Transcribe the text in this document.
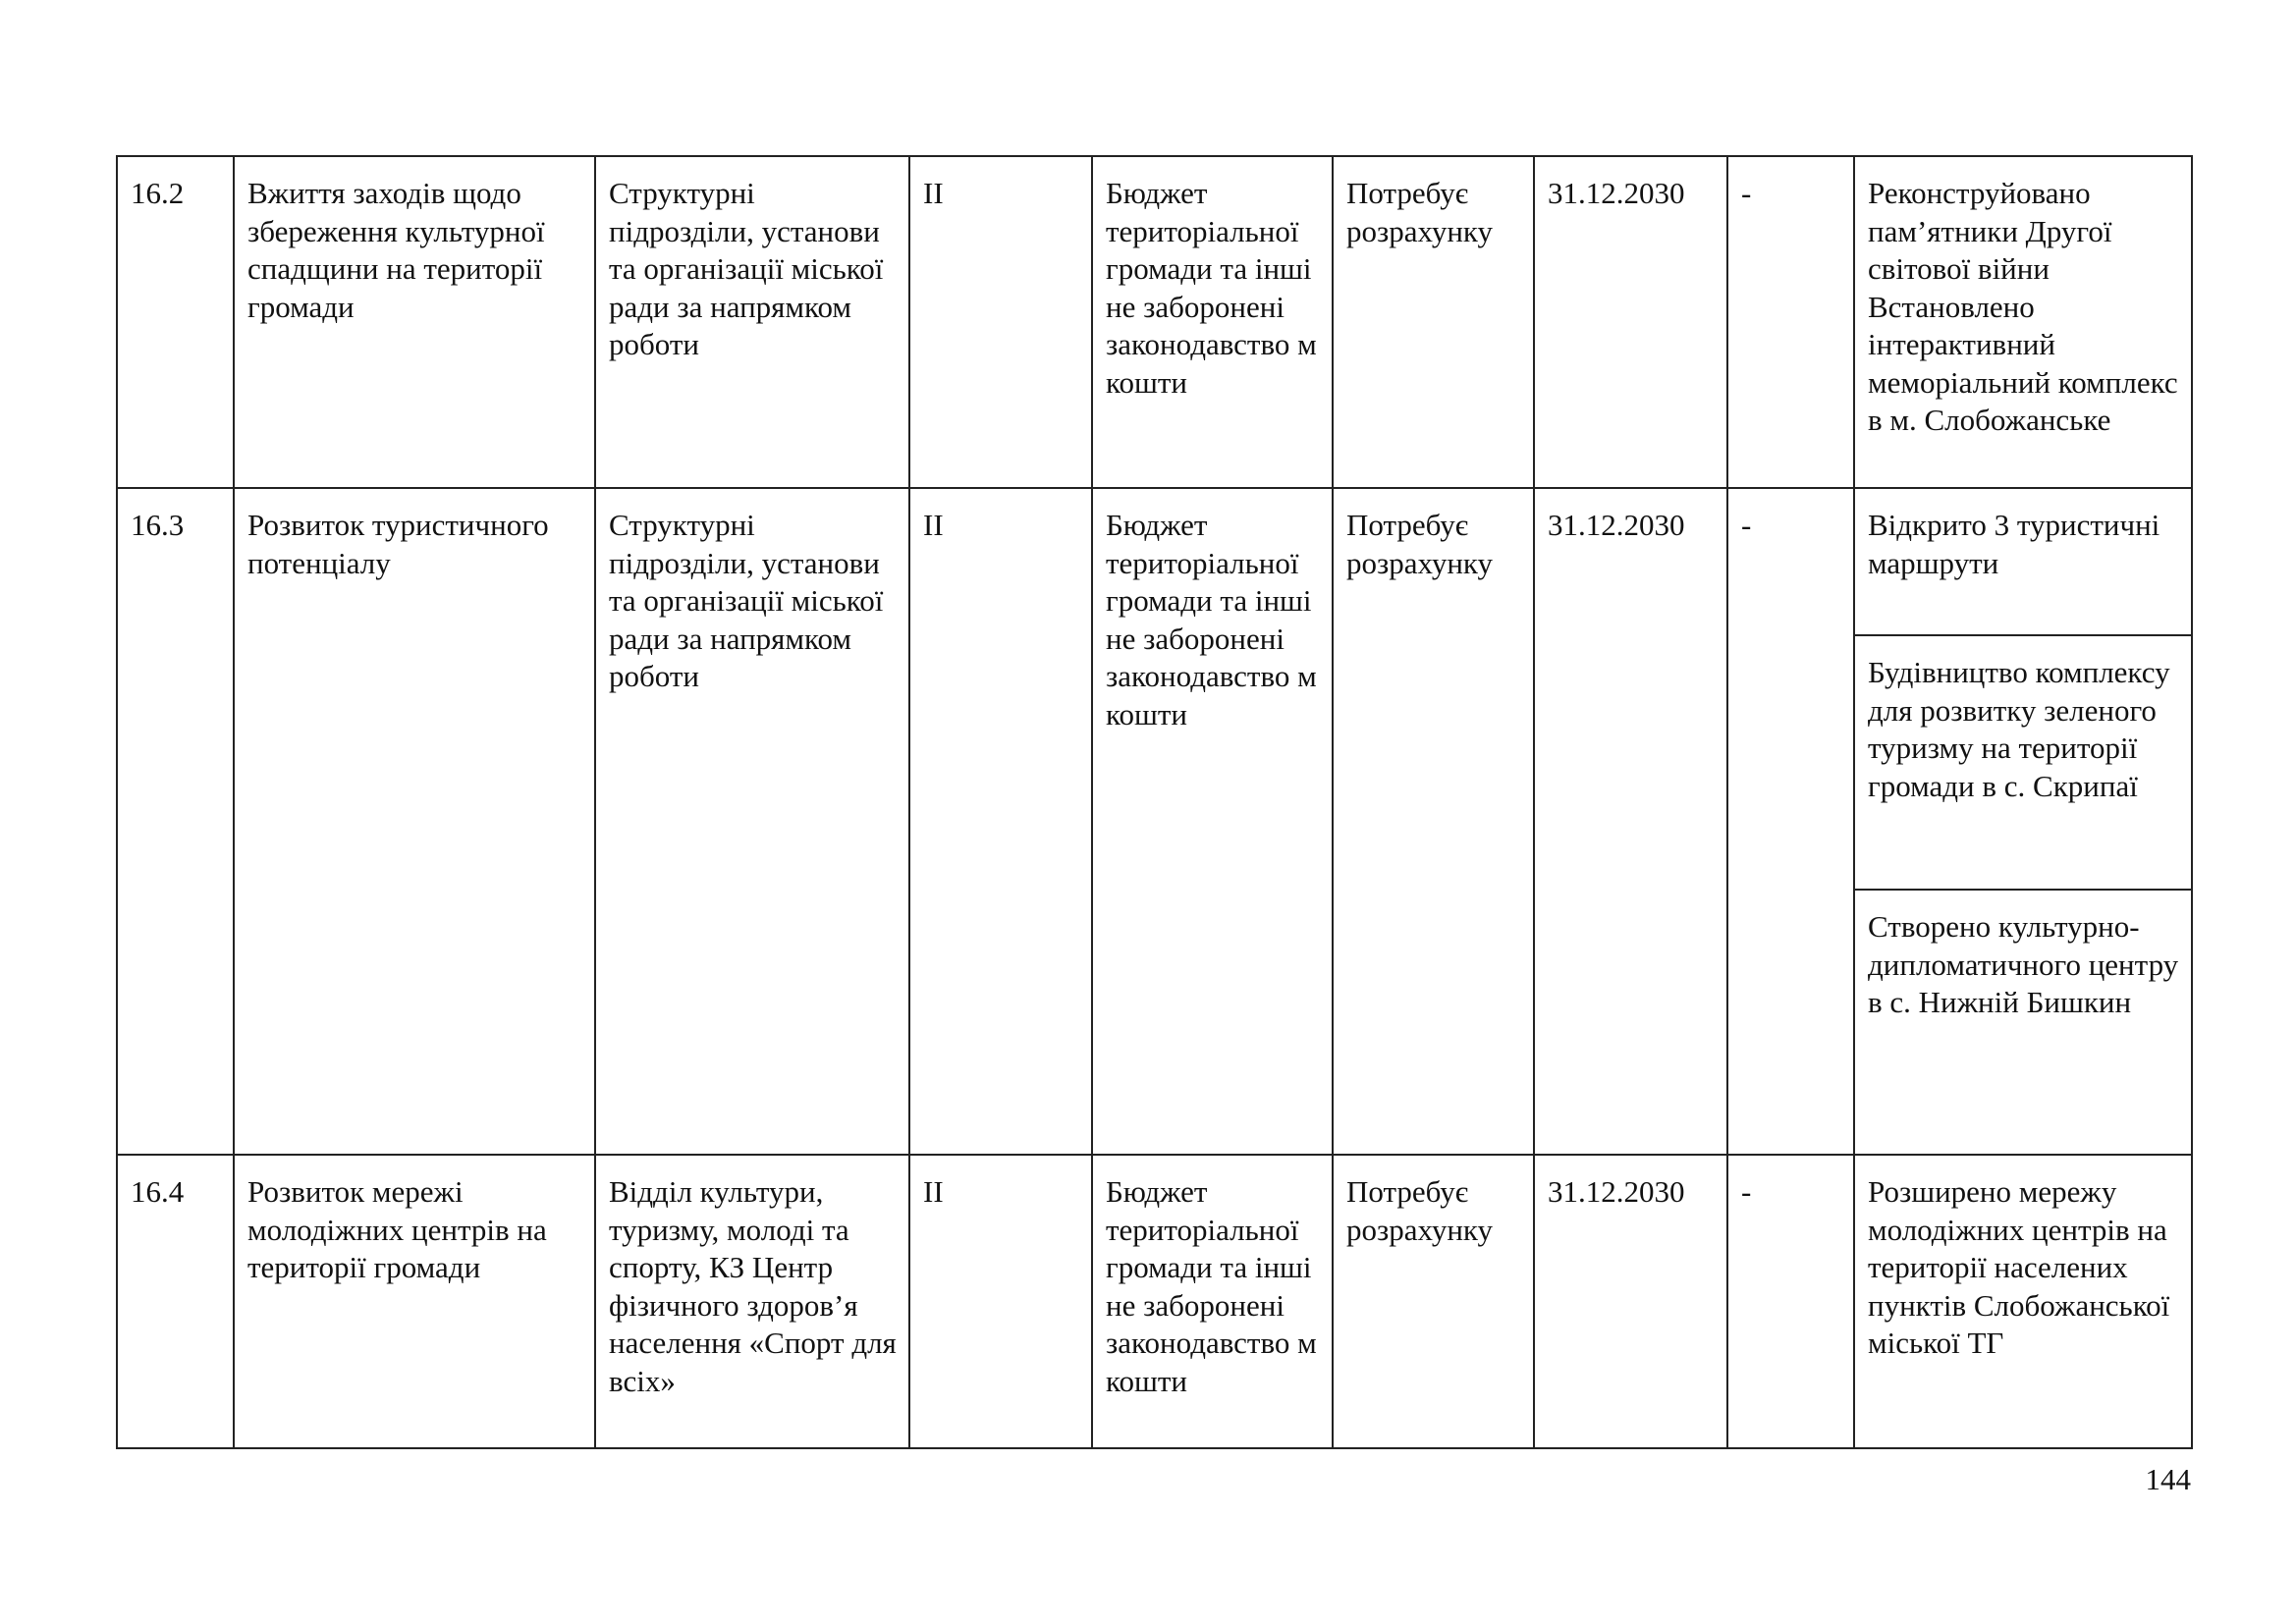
16.2	Вжиття заходів щодо збереження культурної спадщини на території громади	Структурні підрозділи, установи та організації міської ради за напрямком роботи	II	Бюджет територіальної громади та інші не заборонені законодавство м кошти	Потребує розрахунку	31.12.2030	-	Реконструйовано пам’ятники Другої світової війни Встановлено інтерактивний меморіальний комплекс в м. Слобожанське
16.3	Розвиток туристичного потенціалу	Структурні підрозділи, установи та організації міської ради за напрямком роботи	II	Бюджет територіальної громади та інші не заборонені законодавство м кошти	Потребує розрахунку	31.12.2030	-	Відкрито 3 туристичні маршрути
								Будівництво комплексу для розвитку зеленого туризму на території громади в с. Скрипаї
								Створено культурно-дипломатичного центру в с. Нижній Бишкин
16.4	Розвиток мережі молодіжних центрів на території громади	Відділ культури, туризму, молоді та спорту, КЗ Центр фізичного здоров’я населення «Спорт для всіх»	II	Бюджет територіальної громади та інші не заборонені законодавство м кошти	Потребує розрахунку	31.12.2030	-	Розширено мережу молодіжних центрів на території населених пунктів Слобожанської міської ТГ
144
